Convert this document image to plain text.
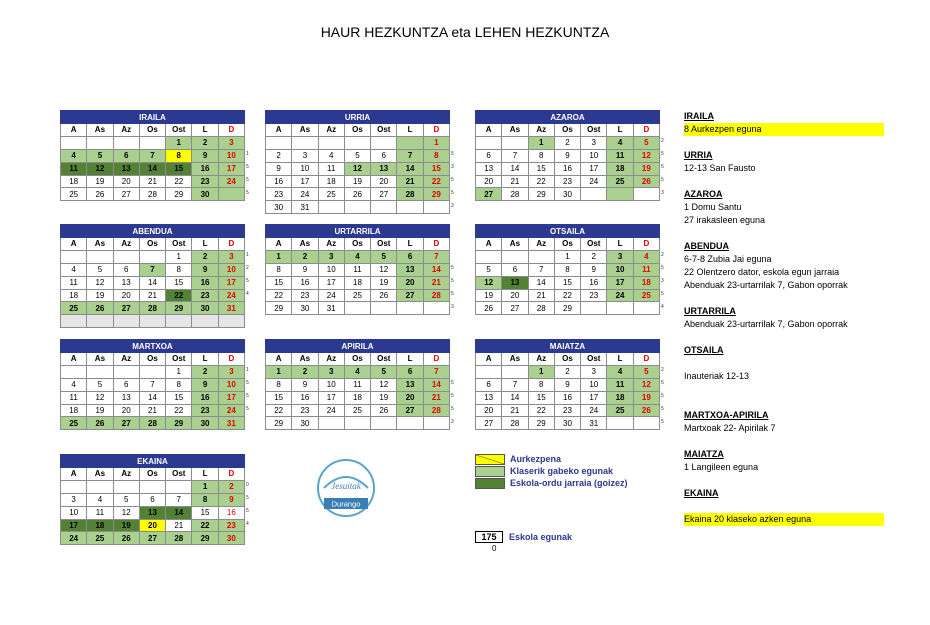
HAUR HEZKUNTZA eta LEHEN HEZKUNTZA
IRAILA						
A	As	Az	Os	Ost	L	D
				1	2	3
4	5	6	7	8	9	10
11	12	13	14	15	16	17
18	19	20	21	22	23	24
25	26	27	28	29	30	
1
5
5
5
URRIA						
A	As	Az	Os	Ost	L	D
						1
2	3	4	5	6	7	8
9	10	11	12	13	14	15
16	17	18	19	20	21	22
23	24	25	26	27	28	29
30	31					
5
3
5
5
2
AZAROA						
A	As	Az	Os	Ost	L	D
		1	2	3	4	5
6	7	8	9	10	11	12
13	14	15	16	17	18	19
20	21	22	23	24	25	26
27	28	29	30			
2
5
5
5
3
ABENDUA						
A	As	Az	Os	Ost	L	D
				1	2	3
4	5	6	7	8	9	10
11	12	13	14	15	16	17
18	19	20	21	22	23	24
25	26	27	28	29	30	31

1
2
5
4
URTARRILA						
A	As	Az	Os	Ost	L	D
1	2	3	4	5	6	7
8	9	10	11	12	13	14
15	16	17	18	19	20	21
22	23	24	25	26	27	28
29	30	31				
5
5
5
3
OTSAILA						
A	As	Az	Os	Ost	L	D
			1	2	3	4
5	6	7	8	9	10	11
12	13	14	15	16	17	18
19	20	21	22	23	24	25
26	27	28	29			
2
5
3
5
4
MARTXOA						
A	As	Az	Os	Ost	L	D
				1	2	3
4	5	6	7	8	9	10
11	12	13	14	15	16	17
18	19	20	21	22	23	24
25	26	27	28	29	30	31
1
5
5
5
APIRILA						
A	As	Az	Os	Ost	L	D
1	2	3	4	5	6	7
8	9	10	11	12	13	14
15	16	17	18	19	20	21
22	23	24	25	26	27	28
29	30					
5
5
5
2
MAIATZA						
A	As	Az	Os	Ost	L	D
		1	2	3	4	5
6	7	8	9	10	11	12
13	14	15	16	17	18	19
20	21	22	23	24	25	26
27	28	29	30	31		
2
5
5
5
5
EKAINA						
A	As	Az	Os	Ost	L	D
					1	2
3	4	5	6	7	8	9
10	11	12	13	14	15	16
17	18	19	20	21	22	23
24	25	26	27	28	29	30
0
5
5
4
IRAILA
8 Aurkezpen eguna
URRIA
12-13 San Fausto
AZAROA
1 Domu Santu
27 irakasleen eguna
ABENDUA
6-7-8 Zubia Jai eguna
22 Olentzero dator, eskola egun jarraia
Abenduak 23-urtarrilak 7, Gabon oporrak
URTARRILA
Abenduak 23-urtarrilak 7, Gabon oporrak
OTSAILA
Inauteriak 12-13
MARTXOA-APIRILA
Martxoak 22- Apirilak 7
MAIATZA
1 Langileen eguna
EKAINA
Ekaina 20 klaseko azken eguna
Jesuitak
Durango
Aurkezpena
Klaserik gabeko egunak
Eskola-ordu jarraia (goizez)
175	Eskola egunak
0
